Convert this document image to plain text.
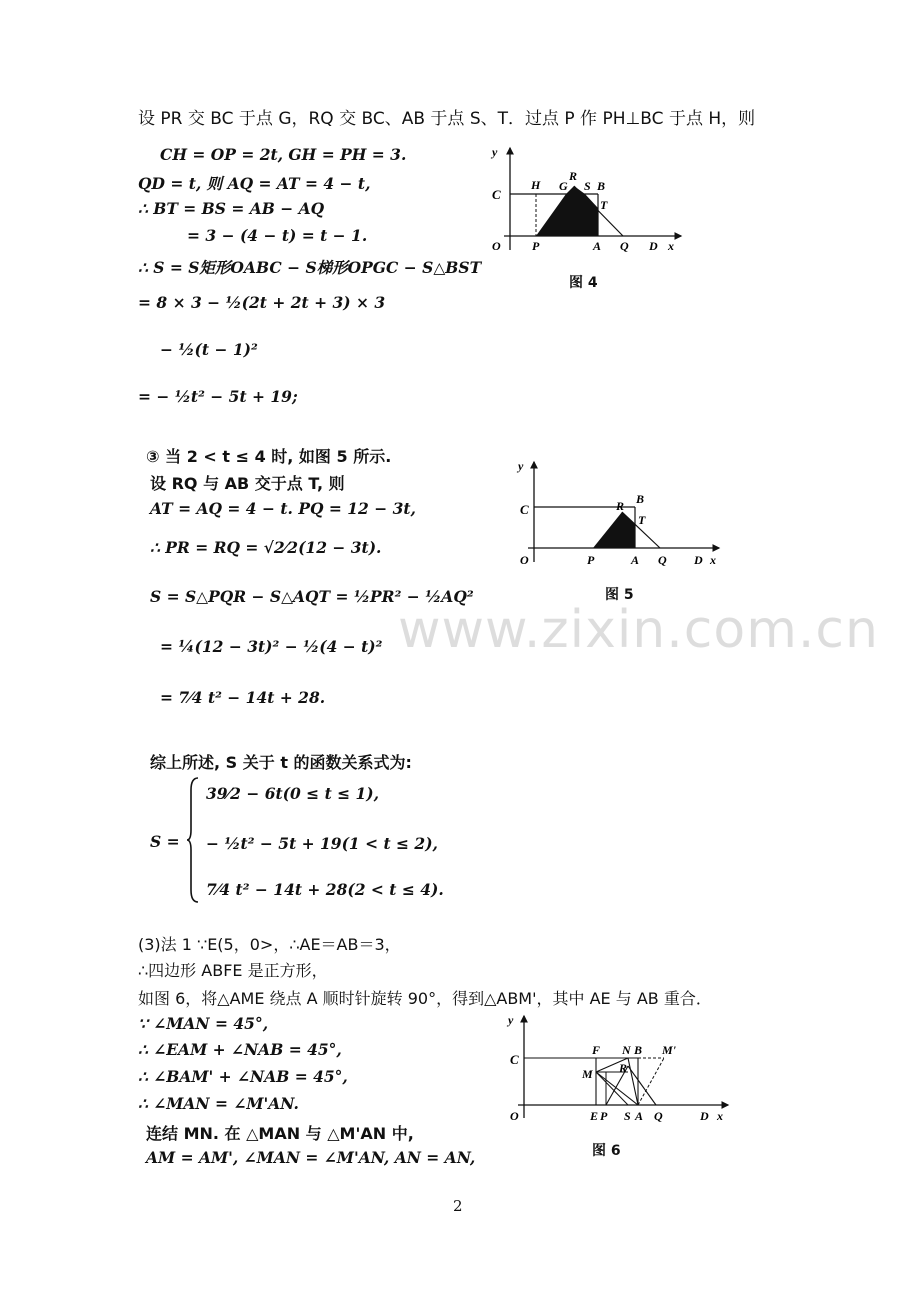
设 PR 交 BC 于点 G，RQ 交 BC、AB 于点 S、T．过点 P 作 PH⊥BC 于点 H，则
CH = OP = 2t, GH = PH = 3.
QD = t, 则 AQ = AT = 4 − t,
∴ BT = BS = AB − AQ
= 3 − (4 − t) = t − 1.
∴ S = S矩形OABC − S梯形OPGC − S△BST
= 8 × 3 − ½(2t + 2t + 3) × 3
− ½(t − 1)²
= − ½t² − 5t + 19;
y
C
H G
R
S B
T
O	P	A Q D x
图 4
③ 当 2 < t ≤ 4 时, 如图 5 所示.
设 RQ 与 AB 交于点 T, 则
AT = AQ = 4 − t. PQ = 12 − 3t,
∴ PR = RQ = √2⁄2(12 − 3t).
S = S△PQR − S△AQT = ½PR² − ½AQ²
= ¼(12 − 3t)² − ½(4 − t)²
= 7⁄4 t² − 14t + 28.
y
C	R B
T
O	P	A Q D x
图 5
www.zixin.com.cn
综上所述, S 关于 t 的函数关系式为:
S =
39⁄2 − 6t(0 ≤ t ≤ 1),
− ½t² − 5t + 19(1 < t ≤ 2),
7⁄4 t² − 14t + 28(2 < t ≤ 4).
(3)法 1 ∵E(5，0>，∴AE＝AB＝3，
∴四边形 ABFE 是正方形，
如图 6，将△AME 绕点 A 顺时针旋转 90°，得到△ABM'，其中 AE 与 AB 重合．
∵ ∠MAN = 45°,
∴ ∠EAM + ∠NAB = 45°,
∴ ∠BAM' + ∠NAB = 45°,
∴ ∠MAN = ∠M'AN.
连结 MN. 在 △MAN 与 △M'AN 中,
AM = AM', ∠MAN = ∠M'AN, AN = AN,
y
C
F N B M'
M R
O	E P S A Q	D x
图 6
2
